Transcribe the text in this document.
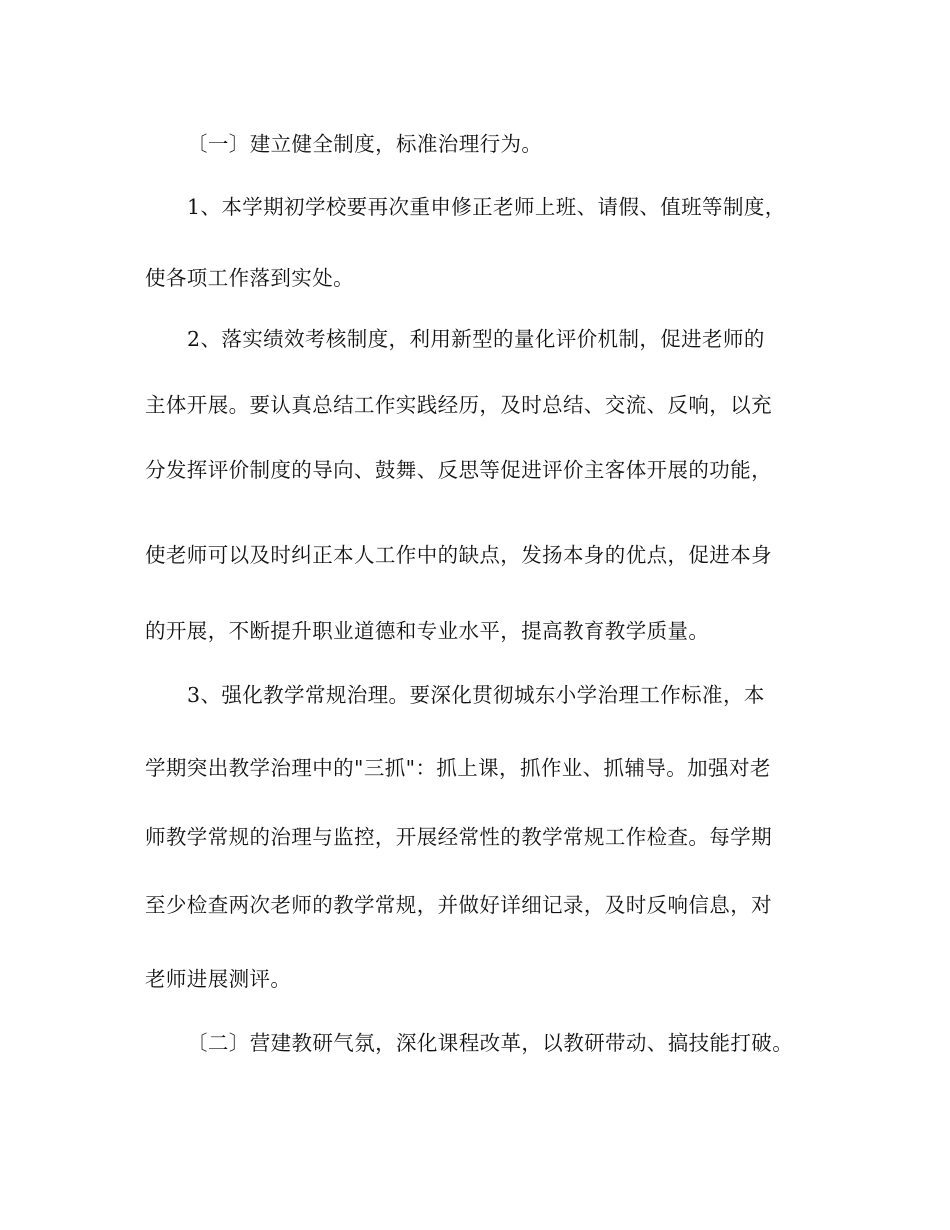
〔一〕建立健全制度，标准治理行为。
1、本学期初学校要再次重申修正老师上班、请假、值班等制度，
使各项工作落到实处。
2、落实绩效考核制度，利用新型的量化评价机制，促进老师的
主体开展。要认真总结工作实践经历，及时总结、交流、反响，以充
分发挥评价制度的导向、鼓舞、反思等促进评价主客体开展的功能，
使老师可以及时纠正本人工作中的缺点，发扬本身的优点，促进本身
的开展，不断提升职业道德和专业水平，提高教育教学质量。
3、强化教学常规治理。要深化贯彻城东小学治理工作标准，本
学期突出教学治理中的"三抓"：抓上课，抓作业、抓辅导。加强对老
师教学常规的治理与监控，开展经常性的教学常规工作检查。每学期
至少检查两次老师的教学常规，并做好详细记录，及时反响信息，对
老师进展测评。
〔二〕营建教研气氛，深化课程改革，以教研带动、搞技能打破。
